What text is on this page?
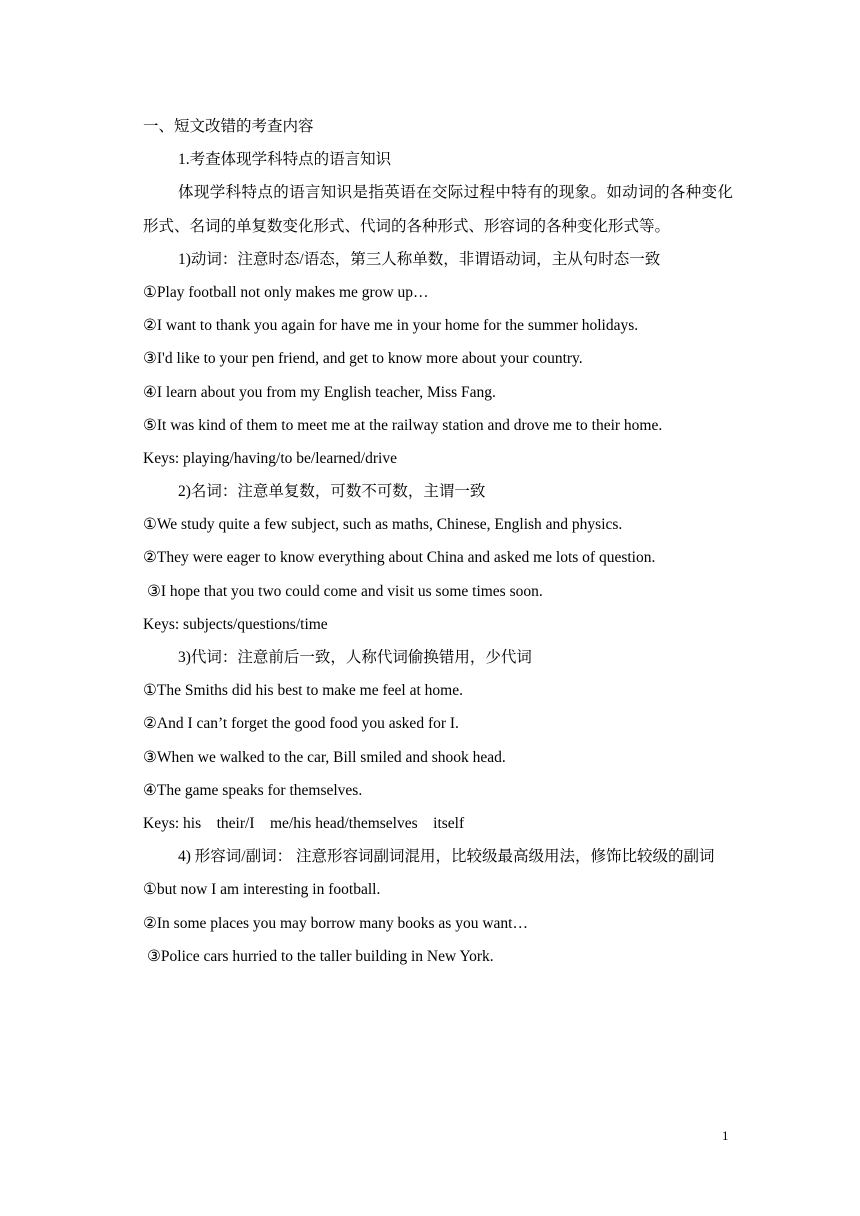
一、短文改错的考查内容
1.考查体现学科特点的语言知识
体现学科特点的语言知识是指英语在交际过程中特有的现象。如动词的各种变化形式、名词的单复数变化形式、代词的各种形式、形容词的各种变化形式等。
1)动词：注意时态/语态，第三人称单数，非谓语动词，主从句时态一致
①Play football not only makes me grow up…
②I want to thank you again for have me in your home for the summer holidays.
③I'd like to your pen friend, and get to know more about your country.
④I learn about you from my English teacher, Miss Fang.
⑤It was kind of them to meet me at the railway station and drove me to their home.
Keys: playing/having/to be/learned/drive
2)名词：注意单复数，可数不可数，主谓一致
①We study quite a few subject, such as maths, Chinese, English and physics.
②They were eager to know everything about China and asked me lots of question.
③I hope that you two could come and visit us some times soon.
Keys: subjects/questions/time
3)代词：注意前后一致，人称代词偷换错用，少代词
①The Smiths did his best to make me feel at home.
②And I can’t forget the good food you asked for I.
③When we walked to the car, Bill smiled and shook head.
④The game speaks for themselves.
Keys: his    their/I    me/his head/themselves    itself
4) 形容词/副词： 注意形容词副词混用，比较级最高级用法，修饰比较级的副词
①but now I am interesting in football.
②In some places you may borrow many books as you want…
③Police cars hurried to the taller building in New York.
1
